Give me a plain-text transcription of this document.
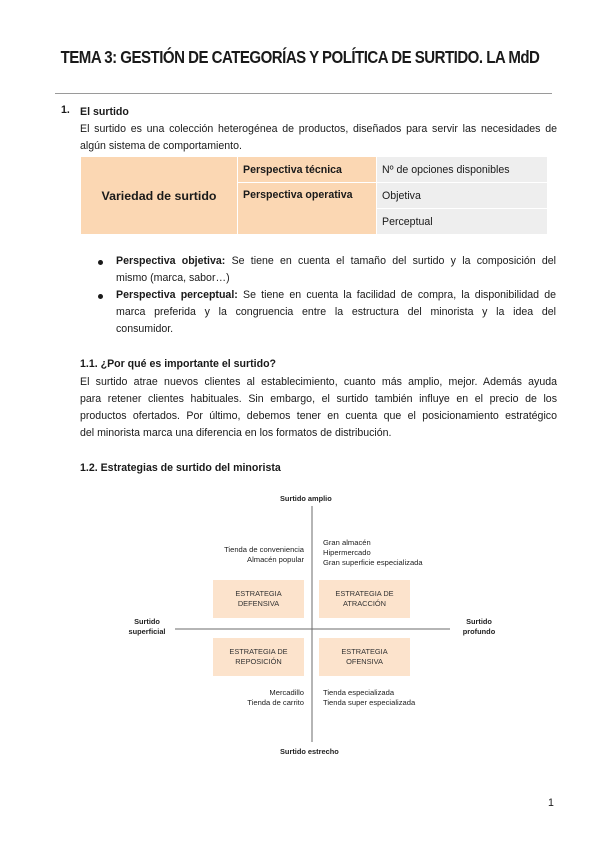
TEMA 3: GESTIÓN DE CATEGORÍAS Y POLÍTICA DE SURTIDO. LA MdD
1. El surtido
El surtido es una colección heterogénea de productos, diseñados para servir las necesidades de
algún sistema de comportamiento.
Variedad de surtido	Perspectiva técnica	Nº de opciones disponibles
	Perspectiva operativa	Objetiva
		Perceptual
Perspectiva objetiva: Se tiene en cuenta el tamaño del surtido y la composición del
mismo (marca, sabor…)
Perspectiva perceptual: Se tiene en cuenta la facilidad de compra, la disponibilidad de
marca preferida y la congruencia entre la estructura del minorista y la idea del
consumidor.
1.1. ¿Por qué es importante el surtido?
El surtido atrae nuevos clientes al establecimiento, cuanto más amplio, mejor. Además ayuda
para retener clientes habituales. Sin embargo, el surtido también influye en el precio de los
productos ofertados. Por último, debemos tener en cuenta que el posicionamiento estratégico
del minorista marca una diferencia en los formatos de distribución.
1.2. Estrategias de surtido del minorista
Surtido amplio
Surtido estrecho
Surtido
superficial
Surtido
profundo
Tienda de conveniencia
Almacén popular
Gran almacén
Hipermercado
Gran superficie especializada
Mercadillo
Tienda de carrito
Tienda especializada
Tienda super especializada
ESTRATEGIA
DEFENSIVA
ESTRATEGIA DE
ATRACCIÓN
ESTRATEGIA DE
REPOSICIÓN
ESTRATEGIA
OFENSIVA
1
